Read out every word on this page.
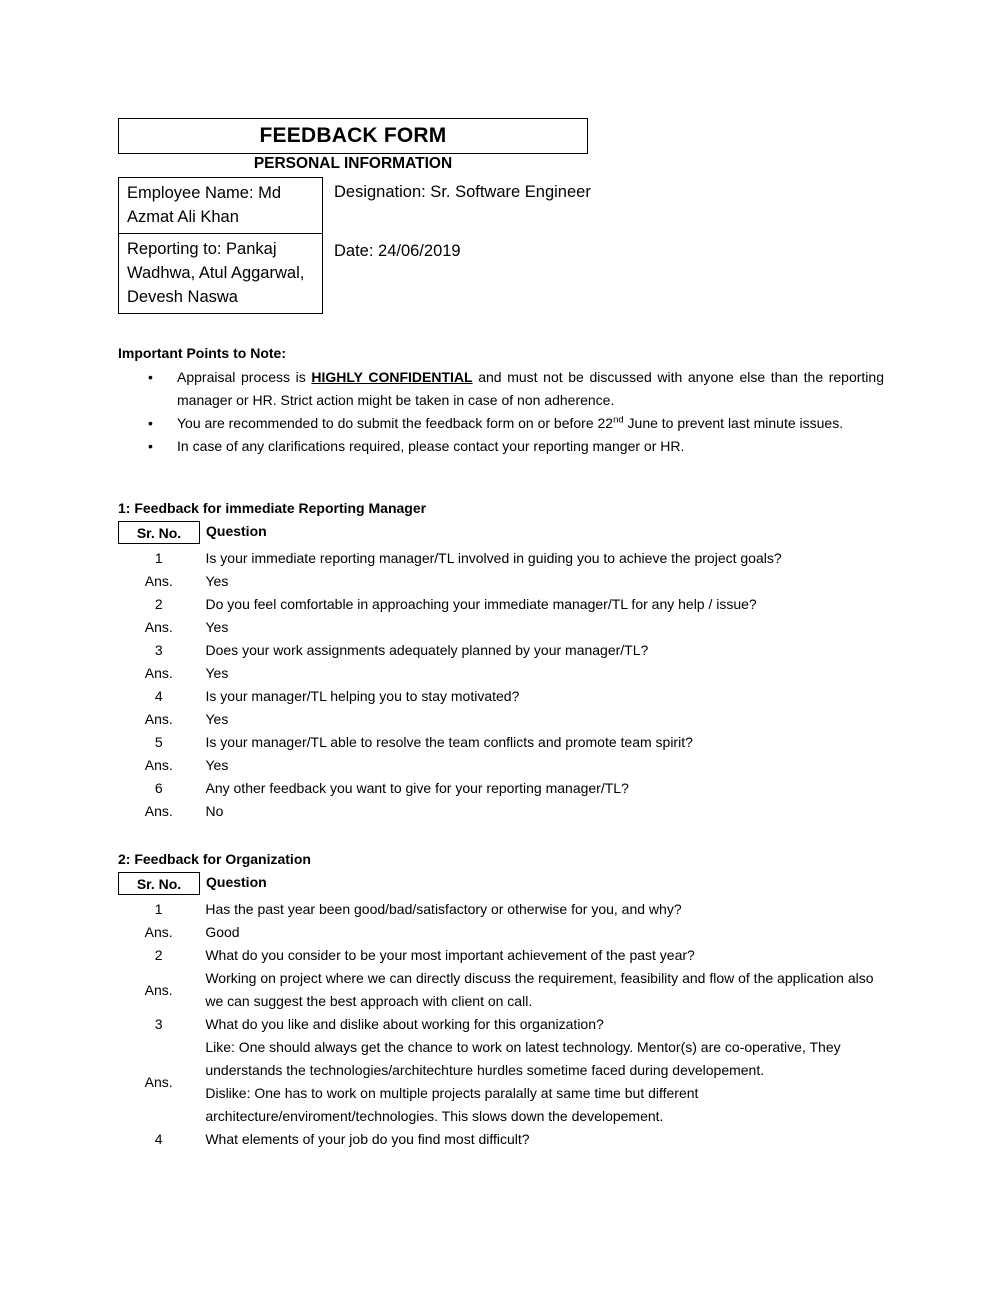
FEEDBACK FORM
PERSONAL INFORMATION
Employee Name: Md Azmat Ali Khan
Reporting to: Pankaj Wadhwa, Atul Aggarwal, Devesh Naswa

Designation: Sr. Software Engineer

Date: 24/06/2019

Important Points to Note:
• Appraisal process is HIGHLY CONFIDENTIAL and must not be discussed with anyone else than the reporting manager or HR. Strict action might be taken in case of non adherence.
• You are recommended to do submit the feedback form on or before 22nd June to prevent last minute issues.
• In case of any clarifications required, please contact your reporting manger or HR.
1: Feedback for immediate Reporting Manager
Sr. No.	Question
1	Is your immediate reporting manager/TL involved in guiding you to achieve the project goals?
Ans.	Yes
2	Do you feel comfortable in approaching your immediate manager/TL for any help / issue?
Ans.	Yes
3	Does your work assignments adequately planned by your manager/TL?
Ans.	Yes
4	Is your manager/TL helping you to stay motivated?
Ans.	Yes
5	Is your manager/TL able to resolve the team conflicts and promote team spirit?
Ans.	Yes
6	Any other feedback you want to give for your reporting manager/TL?
Ans.	No
2: Feedback for Organization
Sr. No.	Question
1	Has the past year been good/bad/satisfactory or otherwise for you, and why?
Ans.	Good
2	What do you consider to be your most important achievement of the past year?
Ans.	Working on project where we can directly discuss the requirement, feasibility and flow of the application also we can suggest the best approach with client on call.
3	What do you like and dislike about working for this organization?
Ans.	Like: One should always get the chance to work on latest technology. Mentor(s) are co-operative, They understands the technologies/architechture hurdles sometime faced during developement.
Dislike: One has to work on multiple projects paralally at same time but different architecture/enviroment/technologies. This slows down the developement.
4	What elements of your job do you find most difficult?
